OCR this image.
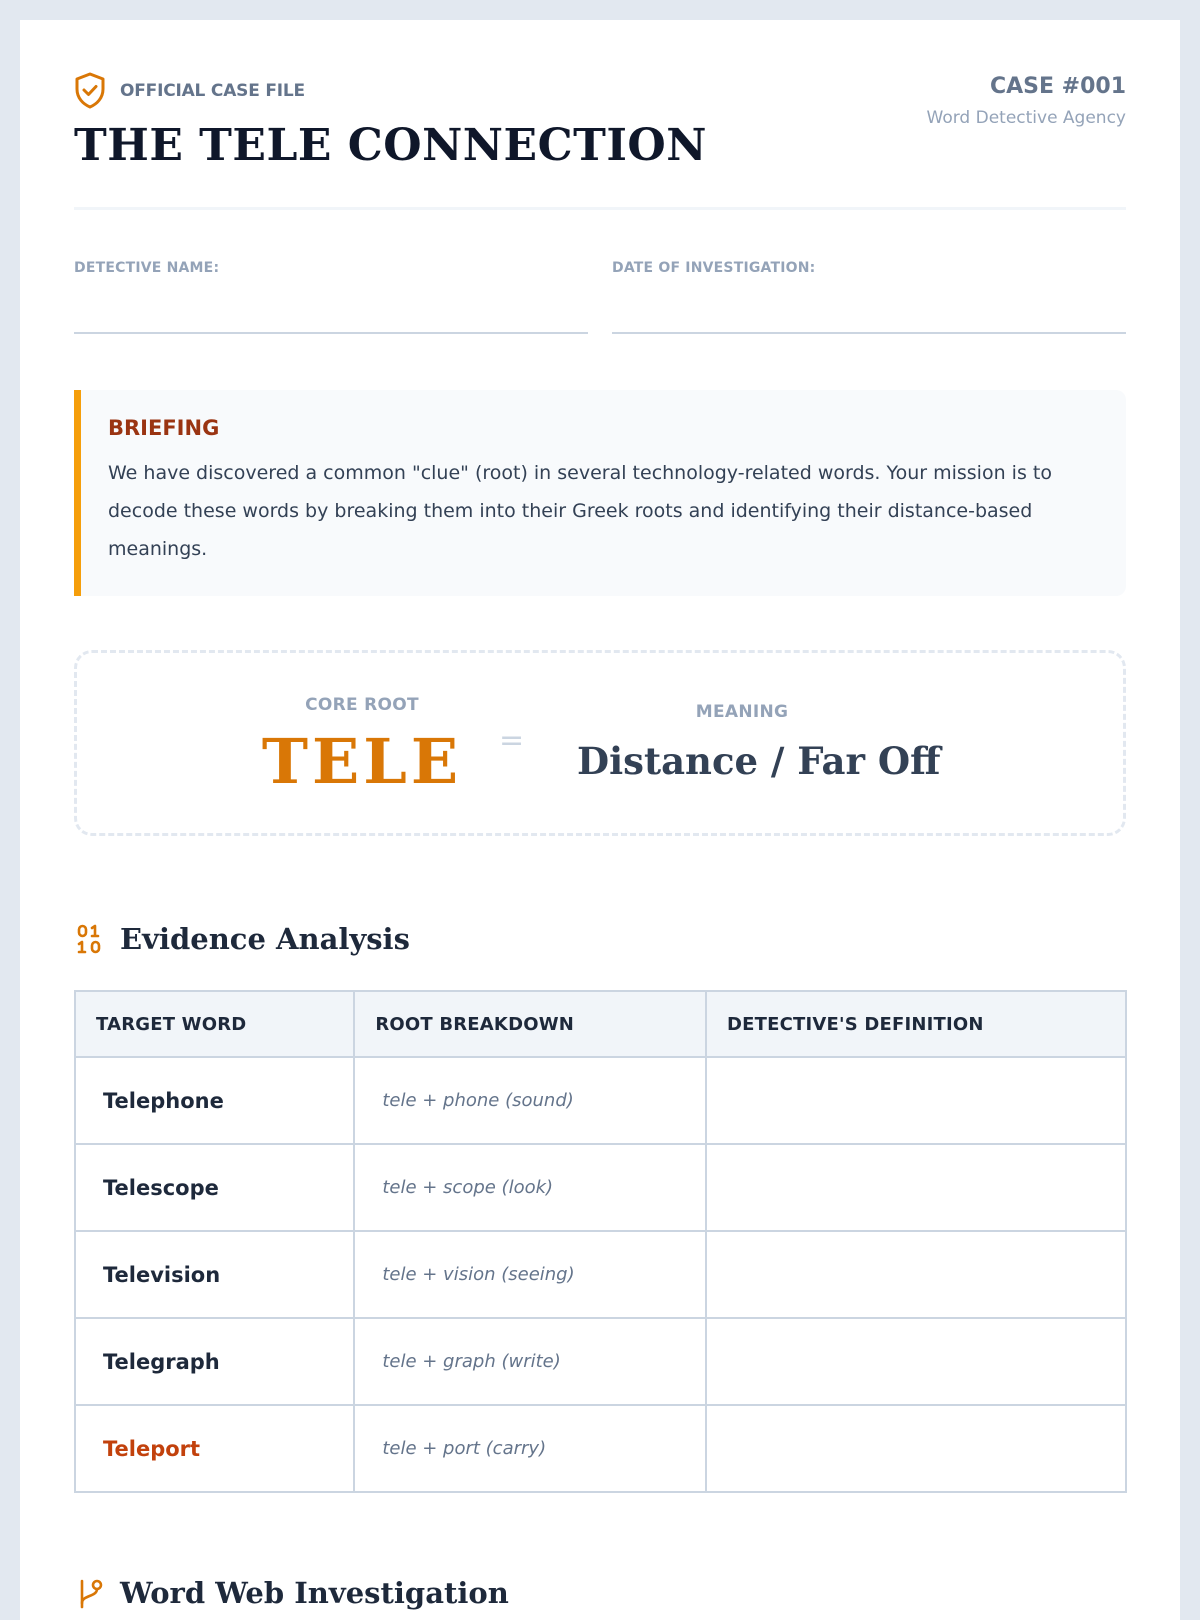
OFFICIAL CASE FILE
THE TELE CONNECTION
CASE #001
Word Detective Agency
DETECTIVE NAME:	DATE OF INVESTIGATION:
BRIEFING

We have discovered a common "clue" (root) in several technology-related words. Your mission is to decode these words by breaking them into their Greek roots and identifying their distance-based meanings.

CORE ROOT
TELE	=
MEANING
Distance / Far Off
Evidence Analysis
TARGET WORD	ROOT BREAKDOWN	DETECTIVE'S DEFINITION
Telephone	tele + phone (sound)	
Telescope	tele + scope (look)	
Television	tele + vision (seeing)	
Telegraph	tele + graph (write)	
Teleport	tele + port (carry)	
Word Web Investigation
